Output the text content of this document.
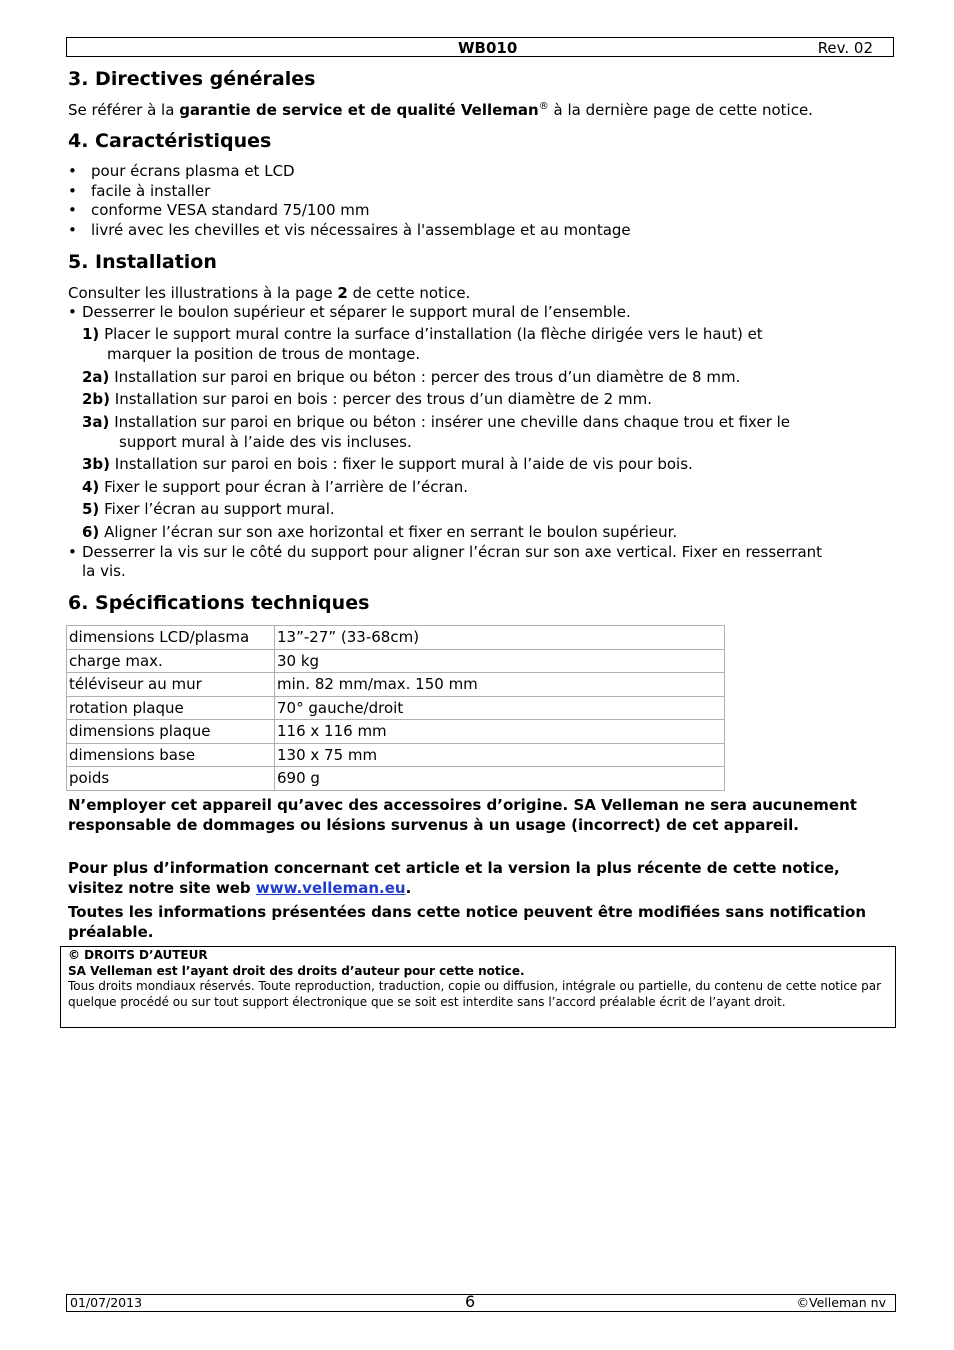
WB010	Rev. 02
3. Directives générales

Se référer à la garantie de service et de qualité Velleman® à la dernière page de cette notice.

4. Caractéristiques
• pour écrans plasma et LCD
• facile à installer
• conforme VESA standard 75/100 mm
• livré avec les chevilles et vis nécessaires à l'assemblage et au montage
5. Installation

Consulter les illustrations à la page 2 de cette notice.

• Desserrer le boulon supérieur et séparer le support mural de l’ensemble.
1) Placer le support mural contre la surface d’installation (la flèche dirigée vers le haut) et
marquer la position de trous de montage.
2a) Installation sur paroi en brique ou béton : percer des trous d’un diamètre de 8 mm.
2b) Installation sur paroi en bois : percer des trous d’un diamètre de 2 mm.
3a) Installation sur paroi en brique ou béton : insérer une cheville dans chaque trou et fixer le
support mural à l’aide des vis incluses.
3b) Installation sur paroi en bois : fixer le support mural à l’aide de vis pour bois.
4) Fixer le support pour écran à l’arrière de l’écran.
5) Fixer l’écran au support mural.
6) Aligner l’écran sur son axe horizontal et fixer en serrant le boulon supérieur.
• Desserrer la vis sur le côté du support pour aligner l’écran sur son axe vertical. Fixer en resserrant
la vis.
6. Spécifications techniques
dimensions LCD/plasma	13”-27” (33-68cm)
charge max.	30 kg
téléviseur au mur	min. 82 mm/max. 150 mm
rotation plaque	70° gauche/droit
dimensions plaque	116 x 116 mm
dimensions base	130 x 75 mm
poids	690 g
N’employer cet appareil qu’avec des accessoires d’origine. SA Velleman ne sera aucunement responsable de dommages ou lésions survenus à un usage (incorrect) de cet appareil.
Pour plus d’information concernant cet article et la version la plus récente de cette notice, visitez notre site web www.velleman.eu.
Toutes les informations présentées dans cette notice peuvent être modifiées sans notification préalable.
© DROITS D’AUTEUR
SA Velleman est l’ayant droit des droits d’auteur pour cette notice.
Tous droits mondiaux réservés. Toute reproduction, traduction, copie ou diffusion, intégrale ou partielle, du contenu de cette notice par quelque procédé ou sur tout support électronique que se soit est interdite sans l’accord préalable écrit de l’ayant droit.
01/07/2013	6	©Velleman nv
